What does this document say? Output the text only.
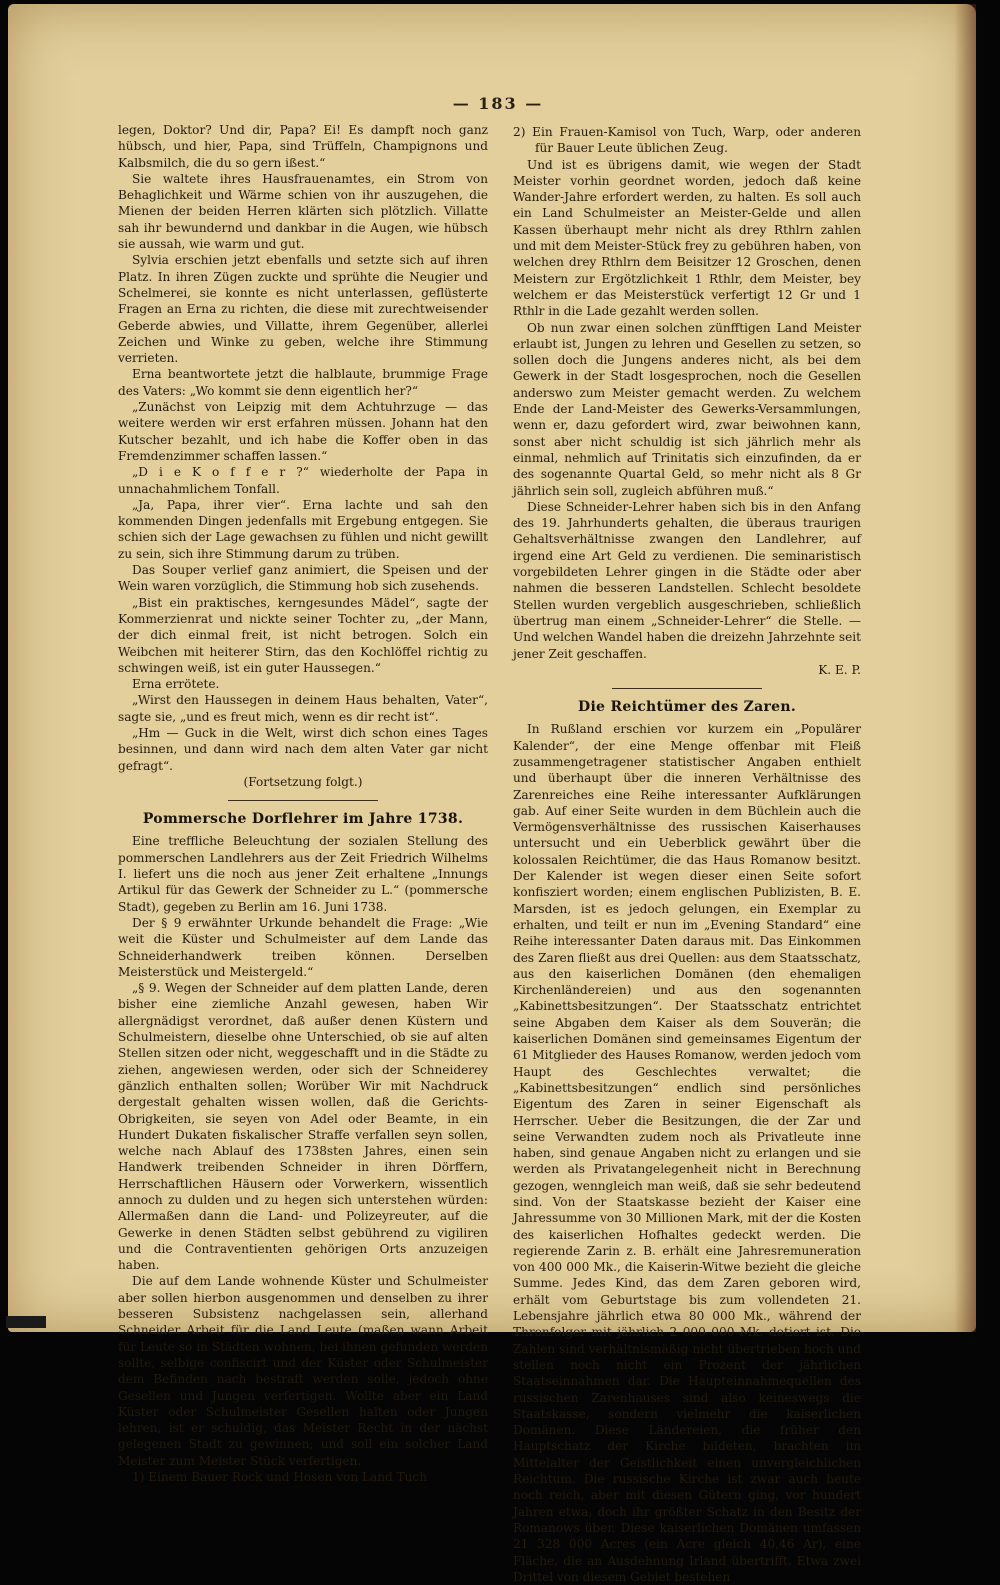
— 183 —

legen, Doktor? Und dir, Papa? Ei! Es dampft noch ganz hübsch, und hier, Papa, sind Trüffeln, Champignons und Kalbsmilch, die du so gern ißest.“

Sie waltete ihres Hausfrauenamtes, ein Strom von Behaglichkeit und Wärme schien von ihr auszugehen, die Mienen der beiden Herren klärten sich plötzlich. Villatte sah ihr bewundernd und dankbar in die Augen, wie hübsch sie aussah, wie warm und gut.

Sylvia erschien jetzt ebenfalls und setzte sich auf ihren Platz. In ihren Zügen zuckte und sprühte die Neugier und Schelmerei, sie konnte es nicht unterlassen, geflüsterte Fragen an Erna zu richten, die diese mit zurechtweisender Geberde abwies, und Villatte, ihrem Gegenüber, allerlei Zeichen und Winke zu geben, welche ihre Stimmung verrieten.

Erna beantwortete jetzt die halblaute, brummige Frage des Vaters: „Wo kommt sie denn eigentlich her?“

„Zunächst von Leipzig mit dem Achtuhrzuge — das weitere werden wir erst erfahren müssen. Johann hat den Kutscher bezahlt, und ich habe die Koffer oben in das Fremdenzimmer schaffen lassen.“

„D i e K o f f e r ?“ wiederholte der Papa in unnachahmlichem Tonfall.

„Ja, Papa, ihrer vier“. Erna lachte und sah den kommenden Dingen jedenfalls mit Ergebung entgegen. Sie schien sich der Lage gewachsen zu fühlen und nicht gewillt zu sein, sich ihre Stimmung darum zu trüben.

Das Souper verlief ganz animiert, die Speisen und der Wein waren vorzüglich, die Stimmung hob sich zusehends.

„Bist ein praktisches, kerngesundes Mädel“, sagte der Kommerzienrat und nickte seiner Tochter zu, „der Mann, der dich einmal freit, ist nicht betrogen. Solch ein Weibchen mit heiterer Stirn, das den Kochlöffel richtig zu schwingen weiß, ist ein guter Haussegen.“

Erna errötete.

„Wirst den Haussegen in deinem Haus behalten, Vater“, sagte sie, „und es freut mich, wenn es dir recht ist“.

„Hm — Guck in die Welt, wirst dich schon eines Tages besinnen, und dann wird nach dem alten Vater gar nicht gefragt“.

(Fortsetzung folgt.)

Pommersche Dorflehrer im Jahre 1738.

Eine treffliche Beleuchtung der sozialen Stellung des pommerschen Landlehrers aus der Zeit Friedrich Wilhelms I. liefert uns die noch aus jener Zeit erhaltene „Innungs Artikul für das Gewerk der Schneider zu L.“ (pommersche Stadt), gegeben zu Berlin am 16. Juni 1738.

Der § 9 erwähnter Urkunde behandelt die Frage: „Wie weit die Küster und Schulmeister auf dem Lande das Schneiderhandwerk treiben können. Derselben Meisterstück und Meistergeld.“

„§ 9. Wegen der Schneider auf dem platten Lande, deren bisher eine ziemliche Anzahl gewesen, haben Wir allergnädigst verordnet, daß außer denen Küstern und Schulmeistern, dieselbe ohne Unterschied, ob sie auf alten Stellen sitzen oder nicht, weggeschafft und in die Städte zu ziehen, angewiesen werden, oder sich der Schneiderey gänzlich enthalten sollen; Worüber Wir mit Nachdruck dergestalt gehalten wissen wollen, daß die Gerichts-Obrigkeiten, sie seyen von Adel oder Beamte, in ein Hundert Dukaten fiskalischer Straffe verfallen seyn sollen, welche nach Ablauf des 1738sten Jahres, einen sein Handwerk treibenden Schneider in ihren Dörffern, Herrschaftlichen Häusern oder Vorwerkern, wissentlich annoch zu dulden und zu hegen sich unterstehen würden: Allermaßen dann die Land- und Polizeyreuter, auf die Gewerke in denen Städten selbst gebührend zu vigiliren und die Contraventienten gehörigen Orts anzuzeigen haben.

Die auf dem Lande wohnende Küster und Schulmeister aber sollen hierbon ausgenommen und denselben zu ihrer besseren Subsistenz nachgelassen sein, allerhand Schneider Arbeit für die Land Leute (maßen wann Arbeit für Leute so in Städten wohnen, bei ihnen gefunden werden sollte, selbige confiscirt und der Küster oder Schulmeister dem Befinden nach bestraft werden solle, jedoch ohne Gesellen und Jungen verfertigen. Wollte aber ein Land Küster oder Schulmeister Gesellen halten oder Jungen lehren, ist er schuldig, das Meister Recht in der nächst gelegenen Stadt zu gewinnen; und soll ein solcher Land Meister zum Meister Stück verfertigen.

1) Einem Bauer Rock und Hosen von Land Tuch

2) Ein Frauen-Kamisol von Tuch, Warp, oder anderen für Bauer Leute üblichen Zeug.

Und ist es übrigens damit, wie wegen der Stadt Meister vorhin geordnet worden, jedoch daß keine Wander-Jahre erfordert werden, zu halten. Es soll auch ein Land Schulmeister an Meister-Gelde und allen Kassen überhaupt mehr nicht als drey Rthlrn zahlen und mit dem Meister-Stück frey zu gebühren haben, von welchen drey Rthlrn dem Beisitzer 12 Groschen, denen Meistern zur Ergötzlichkeit 1 Rthlr, dem Meister, bey welchem er das Meisterstück verfertigt 12 Gr und 1 Rthlr in die Lade gezahlt werden sollen.

Ob nun zwar einen solchen zünfftigen Land Meister erlaubt ist, Jungen zu lehren und Gesellen zu setzen, so sollen doch die Jungens anderes nicht, als bei dem Gewerk in der Stadt losgesprochen, noch die Gesellen anderswo zum Meister gemacht werden. Zu welchem Ende der Land-Meister des Gewerks-Versammlungen, wenn er, dazu gefordert wird, zwar beiwohnen kann, sonst aber nicht schuldig ist sich jährlich mehr als einmal, nehmlich auf Trinitatis sich einzufinden, da er des sogenannte Quartal Geld, so mehr nicht als 8 Gr jährlich sein soll, zugleich abführen muß.“

Diese Schneider-Lehrer haben sich bis in den Anfang des 19. Jahrhunderts gehalten, die überaus traurigen Gehaltsverhältnisse zwangen den Landlehrer, auf irgend eine Art Geld zu verdienen. Die seminaristisch vorgebildeten Lehrer gingen in die Städte oder aber nahmen die besseren Landstellen. Schlecht besoldete Stellen wurden vergeblich ausgeschrieben, schließlich übertrug man einem „Schneider-Lehrer“ die Stelle. — Und welchen Wandel haben die dreizehn Jahrzehnte seit jener Zeit geschaffen.

K. E. P.

Die Reichtümer des Zaren.

In Rußland erschien vor kurzem ein „Populärer Kalender“, der eine Menge offenbar mit Fleiß zusammengetragener statistischer Angaben enthielt und überhaupt über die inneren Verhältnisse des Zarenreiches eine Reihe interessanter Aufklärungen gab. Auf einer Seite wurden in dem Büchlein auch die Vermögensverhältnisse des russischen Kaiserhauses untersucht und ein Ueberblick gewährt über die kolossalen Reichtümer, die das Haus Romanow besitzt. Der Kalender ist wegen dieser einen Seite sofort konfisziert worden; einem englischen Publizisten, B. E. Marsden, ist es jedoch gelungen, ein Exemplar zu erhalten, und teilt er nun im „Evening Standard“ eine Reihe interessanter Daten daraus mit. Das Einkommen des Zaren fließt aus drei Quellen: aus dem Staatsschatz, aus den kaiserlichen Domänen (den ehemaligen Kirchenländereien) und aus den sogenannten „Kabinettsbesitzungen“. Der Staatsschatz entrichtet seine Abgaben dem Kaiser als dem Souverän; die kaiserlichen Domänen sind gemeinsames Eigentum der 61 Mitglieder des Hauses Romanow, werden jedoch vom Haupt des Geschlechtes verwaltet; die „Kabinettsbesitzungen“ endlich sind persönliches Eigentum des Zaren in seiner Eigenschaft als Herrscher. Ueber die Besitzungen, die der Zar und seine Verwandten zudem noch als Privatleute inne haben, sind genaue Angaben nicht zu erlangen und sie werden als Privatangelegenheit nicht in Berechnung gezogen, wenngleich man weiß, daß sie sehr bedeutend sind. Von der Staatskasse bezieht der Kaiser eine Jahressumme von 30 Millionen Mark, mit der die Kosten des kaiserlichen Hofhaltes gedeckt werden. Die regierende Zarin z. B. erhält eine Jahresremuneration von 400 000 Mk., die Kaiserin-Witwe bezieht die gleiche Summe. Jedes Kind, das dem Zaren geboren wird, erhält vom Geburtstage bis zum vollendeten 21. Lebensjahre jährlich etwa 80 000 Mk., während der Thronfolger mit jährlich 2 000 000 Mk. dotiert ist. Die Zahlen sind verhältnismäßig nicht übertrieben hoch und stellen noch nicht ein Prozent der jährlichen Staatseinnahmen dar. Die Haupteinnahmequellen des russischen Zarenhauses sind also keineswegs die Staatskasse, sondern vielmehr die kaiserlichen Domänen. Diese Ländereien, die früher den Hauptschatz der Kirche bildeten, brachten im Mittelalter der Geistlichkeit einen unvergleichlichen Reichtum. Die russische Kirche ist zwar auch heute noch reich, aber mit diesen Gütern ging, vor hundert Jahren etwa, doch ihr größter Schatz in den Besitz der Romanows über. Diese kaiserlichen Domänen umfassen 21 328 000 Acres (ein Acre gleich 40,46 Ar), eine Fläche, die an Ausdehnung Irland übertrifft. Etwa zwei Drittel von diesem Gebiet bestehen
